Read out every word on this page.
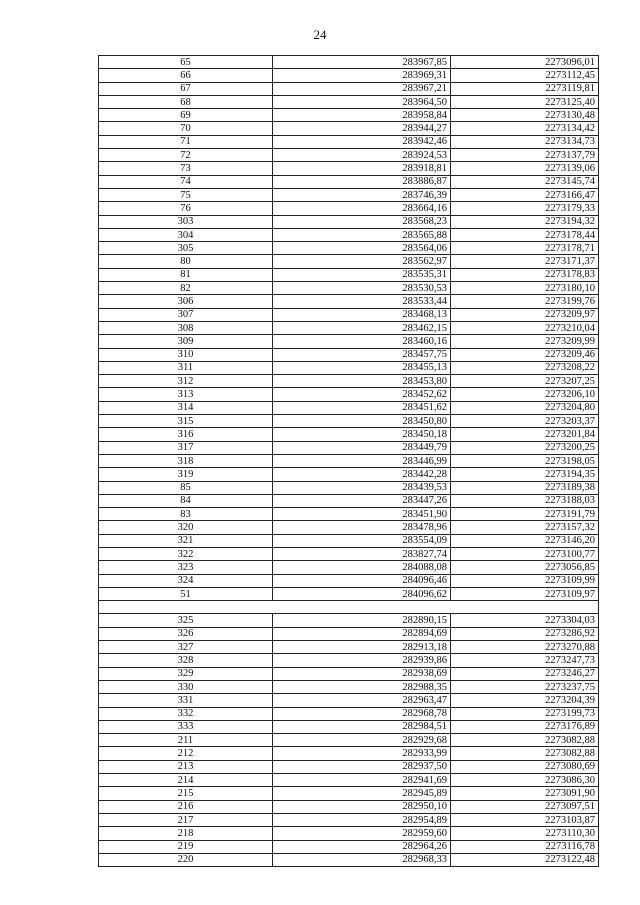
24
65	283967,85	2273096,01
66	283969,31	2273112,45
67	283967,21	2273119,81
68	283964,50	2273125,40
69	283958,84	2273130,48
70	283944,27	2273134,42
71	283942,46	2273134,73
72	283924,53	2273137,79
73	283918,81	2273139,06
74	283886,87	2273145,74
75	283746,39	2273166,47
76	283664,16	2273179,33
303	283568,23	2273194,32
304	283565,88	2273178,44
305	283564,06	2273178,71
80	283562,97	2273171,37
81	283535,31	2273178,83
82	283530,53	2273180,10
306	283533,44	2273199,76
307	283468,13	2273209,97
308	283462,15	2273210,04
309	283460,16	2273209,99
310	283457,75	2273209,46
311	283455,13	2273208,22
312	283453,80	2273207,25
313	283452,62	2273206,10
314	283451,62	2273204,80
315	283450,80	2273203,37
316	283450,18	2273201,84
317	283449,79	2273200,25
318	283446,99	2273198,05
319	283442,28	2273194,35
85	283439,53	2273189,38
84	283447,26	2273188,03
83	283451,90	2273191,79
320	283478,96	2273157,32
321	283554,09	2273146,20
322	283827,74	2273100,77
323	284088,08	2273056,85
324	284096,46	2273109,99
51	284096,62	2273109,97

325	282890,15	2273304,03
326	282894,69	2273286,92
327	282913,18	2273270,88
328	282939,86	2273247,73
329	282938,69	2273246,27
330	282988,35	2273237,75
331	282963,47	2273204,39
332	282968,78	2273199,73
333	282984,51	2273176,89
211	282929,68	2273082,88
212	282933,99	2273082,88
213	282937,50	2273080,69
214	282941,69	2273086,30
215	282945,89	2273091,90
216	282950,10	2273097,51
217	282954,89	2273103,87
218	282959,60	2273110,30
219	282964,26	2273116,78
220	282968,33	2273122,48
